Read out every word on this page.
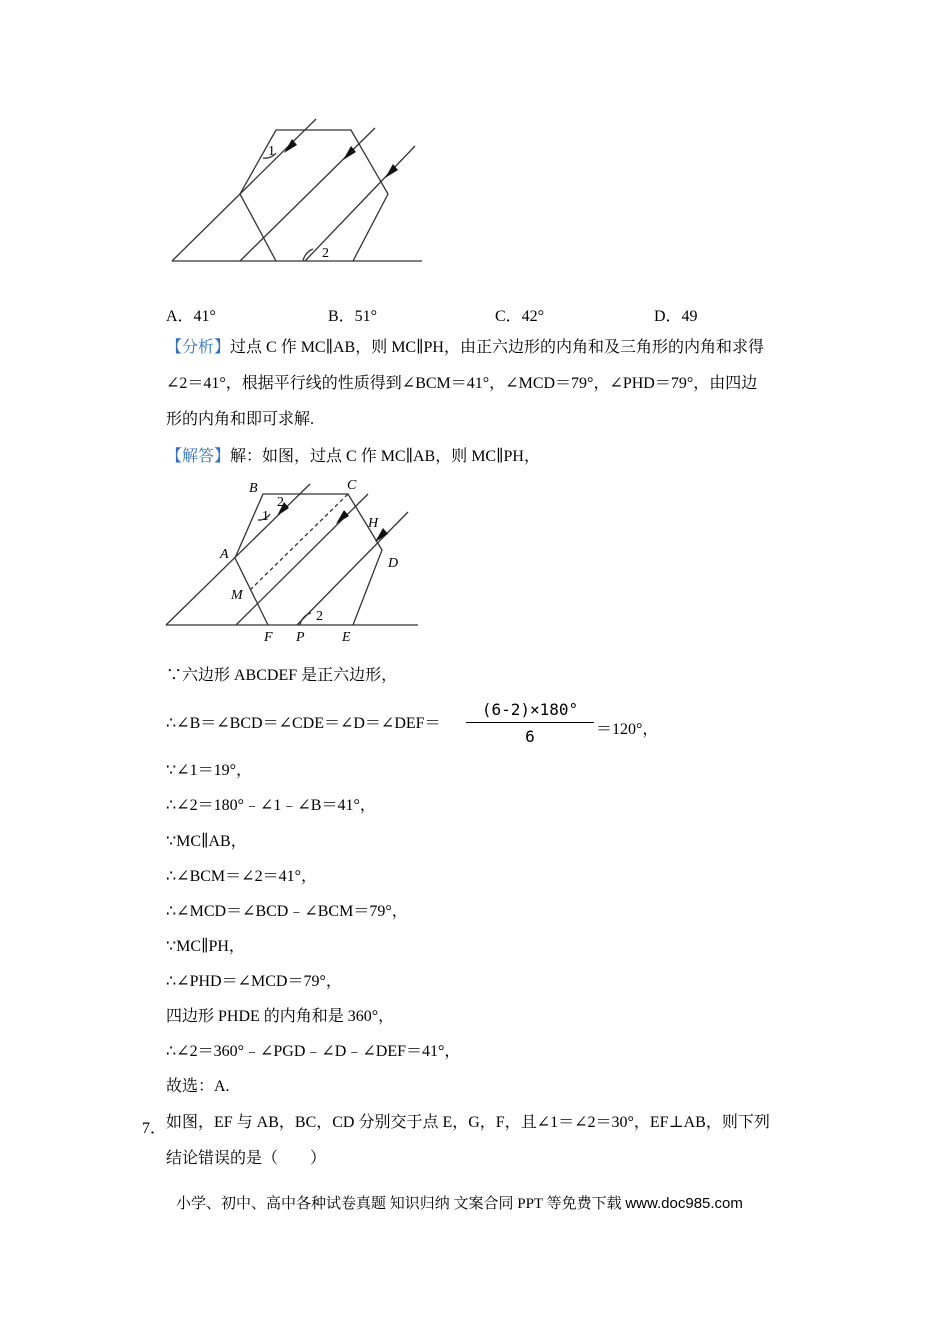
1
2
A．41°	B．51°	C．42°	D．49
【分析】过点 C 作 MC∥AB，则 MC∥PH，由正六边形的内角和及三角形的内角和求得
∠2＝41°，根据平行线的性质得到∠BCM＝41°，∠MCD＝79°，∠PHD＝79°，由四边
形的内角和即可求解.
【解答】解：如图，过点 C 作 MC∥AB，则 MC∥PH，
B	C
H
A
D
M
F P	E
1
2
2
∵六边形 ABCDEF 是正六边形，
∴∠B＝∠BCD＝∠CDE＝∠D＝∠DEF＝
(6-2)×180°
6	＝120°，
∵∠1＝19°，
∴∠2＝180°﹣∠1﹣∠B＝41°，
∵MC∥AB，
∴∠BCM＝∠2＝41°，
∴∠MCD＝∠BCD﹣∠BCM＝79°，
∵MC∥PH，
∴∠PHD＝∠MCD＝79°，
四边形 PHDE 的内角和是 360°，
∴∠2＝360°﹣∠PGD﹣∠D﹣∠DEF＝41°，
故选：A.
7． 如图，EF 与 AB，BC，CD 分别交于点 E，G，F，且∠1＝∠2＝30°，EF⊥AB，则下列
结论错误的是（　　）
小学、初中、高中各种试卷真题 知识归纳 文案合同 PPT 等免费下载 www.doc985.com
